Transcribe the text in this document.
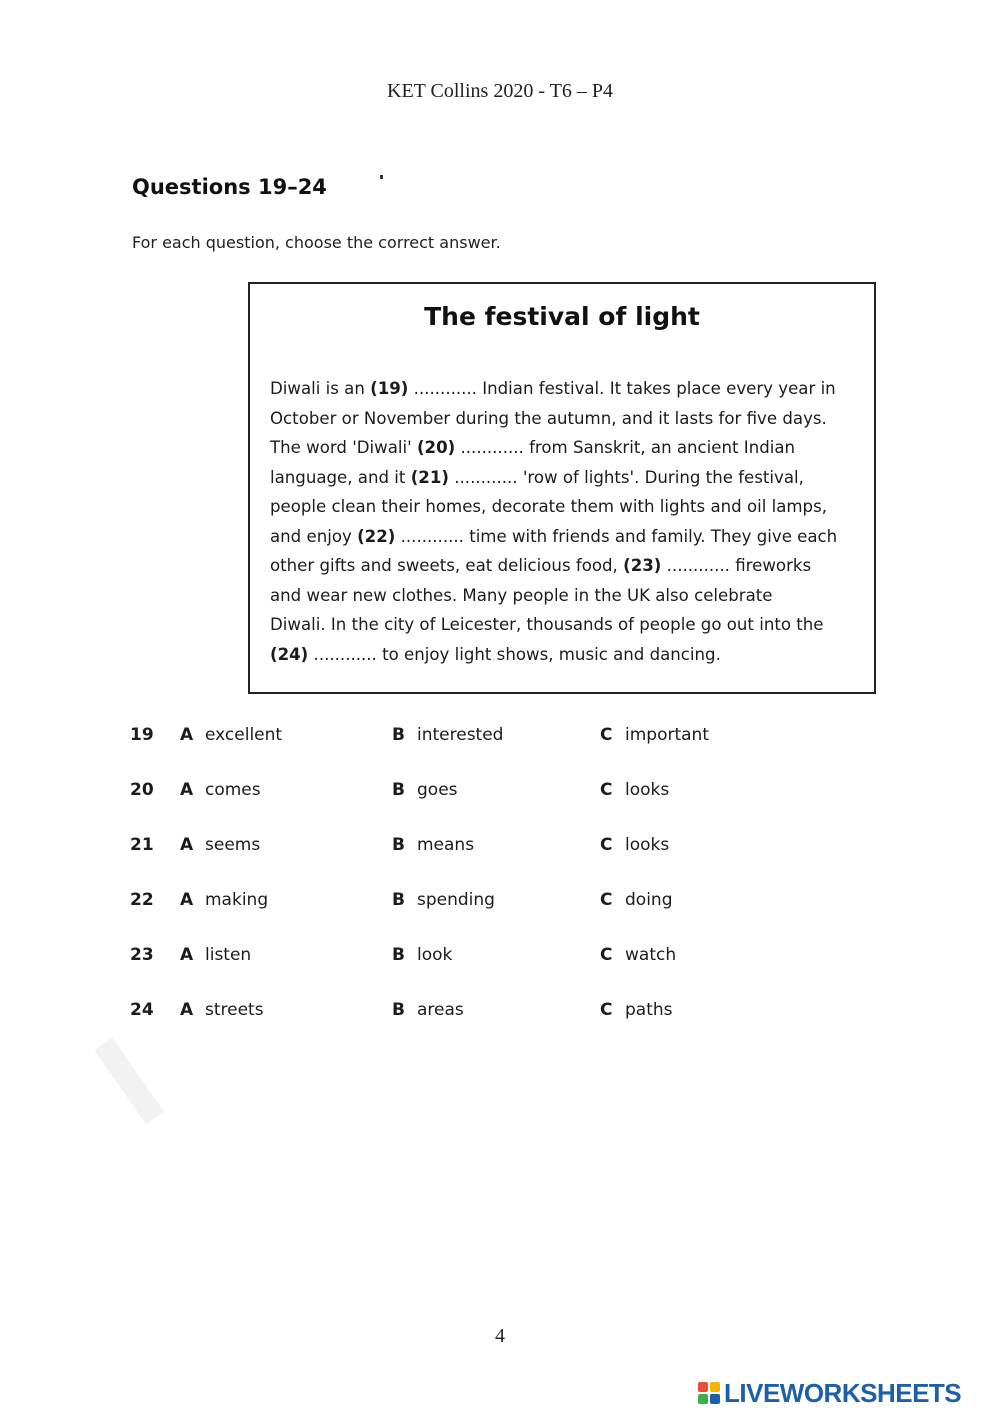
KET Collins 2020 - T6 – P4
Questions 19–24
For each question, choose the correct answer.
The festival of light
Diwali is an (19) ............ Indian festival. It takes place every year in
October or November during the autumn, and it lasts for five days.
The word 'Diwali' (20) ............ from Sanskrit, an ancient Indian
language, and it (21) ............ 'row of lights'. During the festival,
people clean their homes, decorate them with lights and oil lamps,
and enjoy (22) ............ time with friends and family. They give each
other gifts and sweets, eat delicious food, (23) ............ fireworks
and wear new clothes. Many people in the UK also celebrate
Diwali. In the city of Leicester, thousands of people go out into the
(24) ............ to enjoy light shows, music and dancing.
19 A excellent	B interested	C important
20 A comes	B goes	C looks
21 A seems	B means	C looks
22 A making	B spending	C doing
23 A listen	B look	C watch
24 A streets	B areas	C paths
4
LIVEWORKSHEETS
